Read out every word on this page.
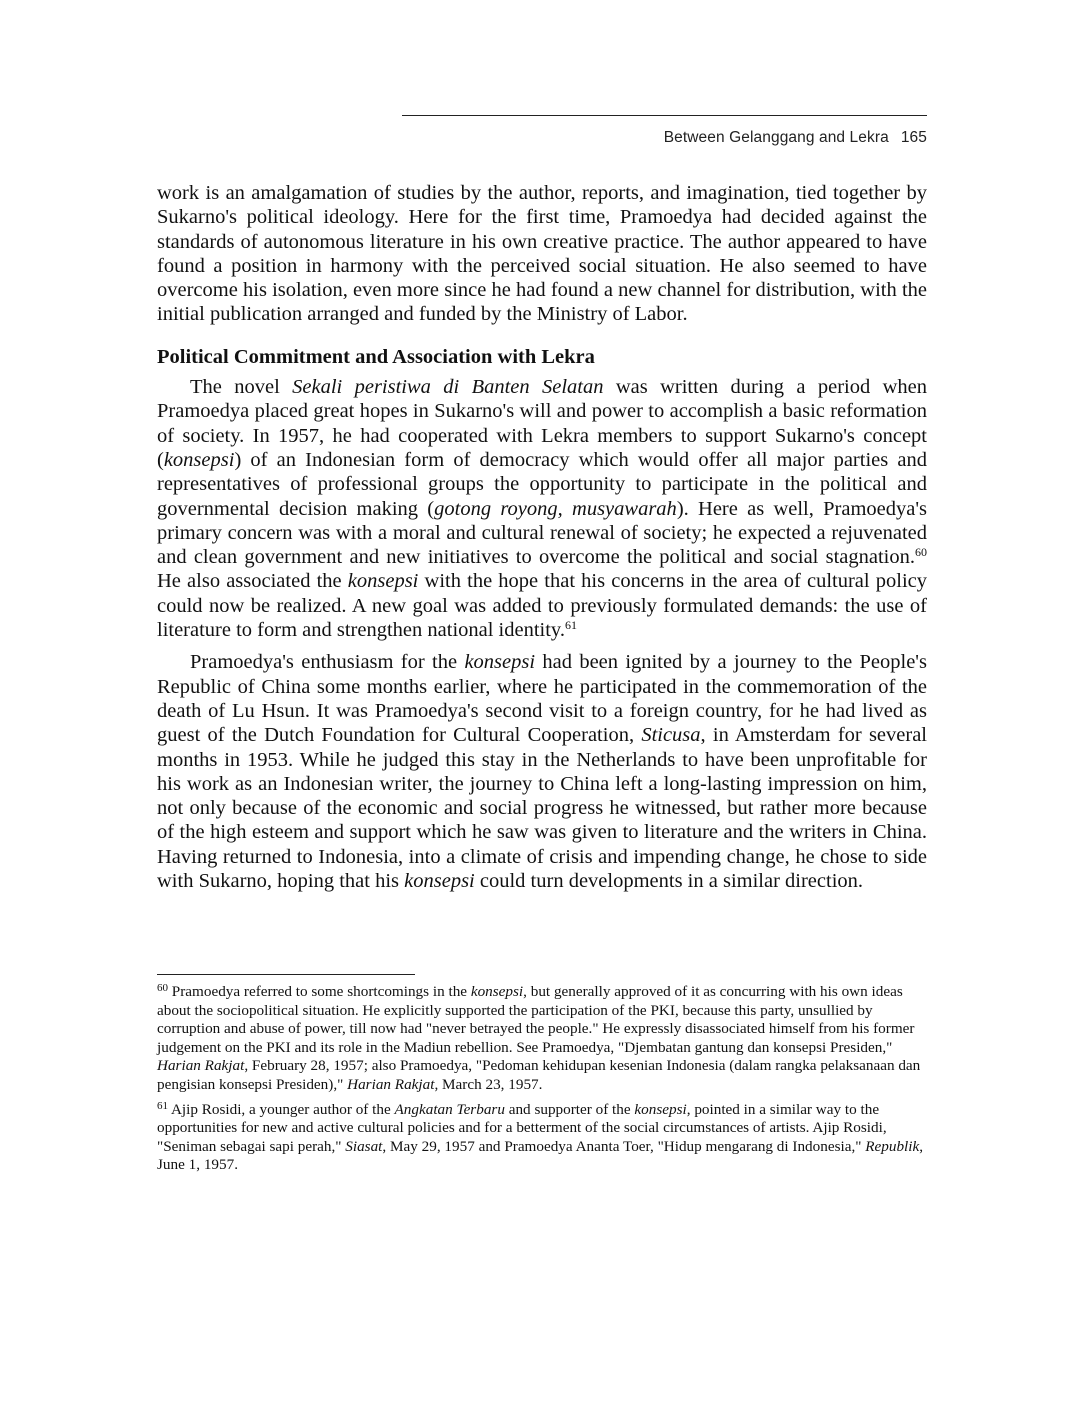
Between Gelanggang and Lekra 165

work is an amalgamation of studies by the author, reports, and imagination, tied together by Sukarno's political ideology. Here for the first time, Pramoedya had decided against the standards of autonomous literature in his own creative practice. The author appeared to have found a position in harmony with the perceived social situation. He also seemed to have overcome his isolation, even more since he had found a new channel for distribution, with the initial publication arranged and funded by the Ministry of Labor.

Political Commitment and Association with Lekra

The novel Sekali peristiwa di Banten Selatan was written during a period when Pramoedya placed great hopes in Sukarno's will and power to accomplish a basic reformation of society. In 1957, he had cooperated with Lekra members to support Sukarno's concept (konsepsi) of an Indonesian form of democracy which would offer all major parties and representatives of professional groups the opportunity to participate in the political and governmental decision making (gotong royong, musyawarah). Here as well, Pramoedya's primary concern was with a moral and cultural renewal of society; he expected a rejuvenated and clean government and new initiatives to overcome the political and social stagnation.$^{60}$ He also associated the konsepsi with the hope that his concerns in the area of cultural policy could now be realized. A new goal was added to previously formulated demands: the use of literature to form and strengthen national identity.$^{61}$

Pramoedya's enthusiasm for the konsepsi had been ignited by a journey to the People's Republic of China some months earlier, where he participated in the commemoration of the death of Lu Hsun. It was Pramoedya's second visit to a foreign country, for he had lived as guest of the Dutch Foundation for Cultural Cooperation, Sticusa, in Amsterdam for several months in 1953. While he judged this stay in the Netherlands to have been unprofitable for his work as an Indonesian writer, the journey to China left a long-lasting impression on him, not only because of the economic and social progress he witnessed, but rather more because of the high esteem and support which he saw was given to literature and the writers in China. Having returned to Indonesia, into a climate of crisis and impending change, he chose to side with Sukarno, hoping that his konsepsi could turn developments in a similar direction.

$^{60}$ Pramoedya referred to some shortcomings in the konsepsi, but generally approved of it as concurring with his own ideas about the sociopolitical situation. He explicitly supported the participation of the PKI, because this party, unsullied by corruption and abuse of power, till now had "never betrayed the people." He expressly disassociated himself from his former judgement on the PKI and its role in the Madiun rebellion. See Pramoedya, "Djembatan gantung dan konsepsi Presiden," Harian Rakjat, February 28, 1957; also Pramoedya, "Pedoman kehidupan kesenian Indonesia (dalam rangka pelaksanaan dan pengisian konsepsi Presiden)," Harian Rakjat, March 23, 1957.

$^{61}$ Ajip Rosidi, a younger author of the Angkatan Terbaru and supporter of the konsepsi, pointed in a similar way to the opportunities for new and active cultural policies and for a betterment of the social circumstances of artists. Ajip Rosidi, "Seniman sebagai sapi perah," Siasat, May 29, 1957 and Pramoedya Ananta Toer, "Hidup mengarang di Indonesia," Republik, June 1, 1957.
